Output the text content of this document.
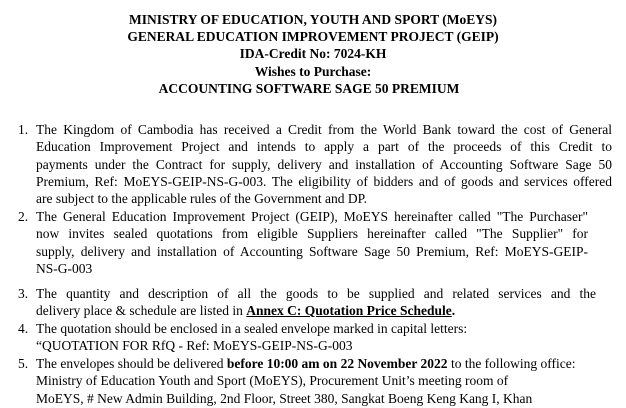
MINISTRY OF EDUCATION, YOUTH AND SPORT (MoEYS)
GENERAL EDUCATION IMPROVEMENT PROJECT (GEIP)
IDA-Credit No: 7024-KH
Wishes to Purchase:
ACCOUNTING SOFTWARE SAGE 50 PREMIUM
1. The Kingdom of Cambodia has received a Credit from the World Bank toward the cost of General
Education Improvement Project and intends to apply a part of the proceeds of this Credit to
payments under the Contract for supply, delivery and installation of Accounting Software Sage 50
Premium, Ref: MoEYS-GEIP-NS-G-003. The eligibility of bidders and of goods and services offered
are subject to the applicable rules of the Government and DP.
2. The General Education Improvement Project (GEIP), MoEYS hereinafter called "The Purchaser"
now invites sealed quotations from eligible Suppliers hereinafter called "The Supplier" for
supply, delivery and installation of Accounting Software Sage 50 Premium, Ref: MoEYS-GEIP-
NS-G-003
3. The quantity and description of all the goods to be supplied and related services and the
delivery place & schedule are listed in Annex C: Quotation Price Schedule.
4. The quotation should be enclosed in a sealed envelope marked in capital letters:
“QUOTATION FOR RfQ - Ref: MoEYS-GEIP-NS-G-003
5. The envelopes should be delivered before 10:00 am on 22 November 2022 to the following office:
Ministry of Education Youth and Sport (MoEYS), Procurement Unit’s meeting room of
MoEYS, # New Admin Building, 2nd Floor, Street 380, Sangkat Boeng Keng Kang I, Khan
